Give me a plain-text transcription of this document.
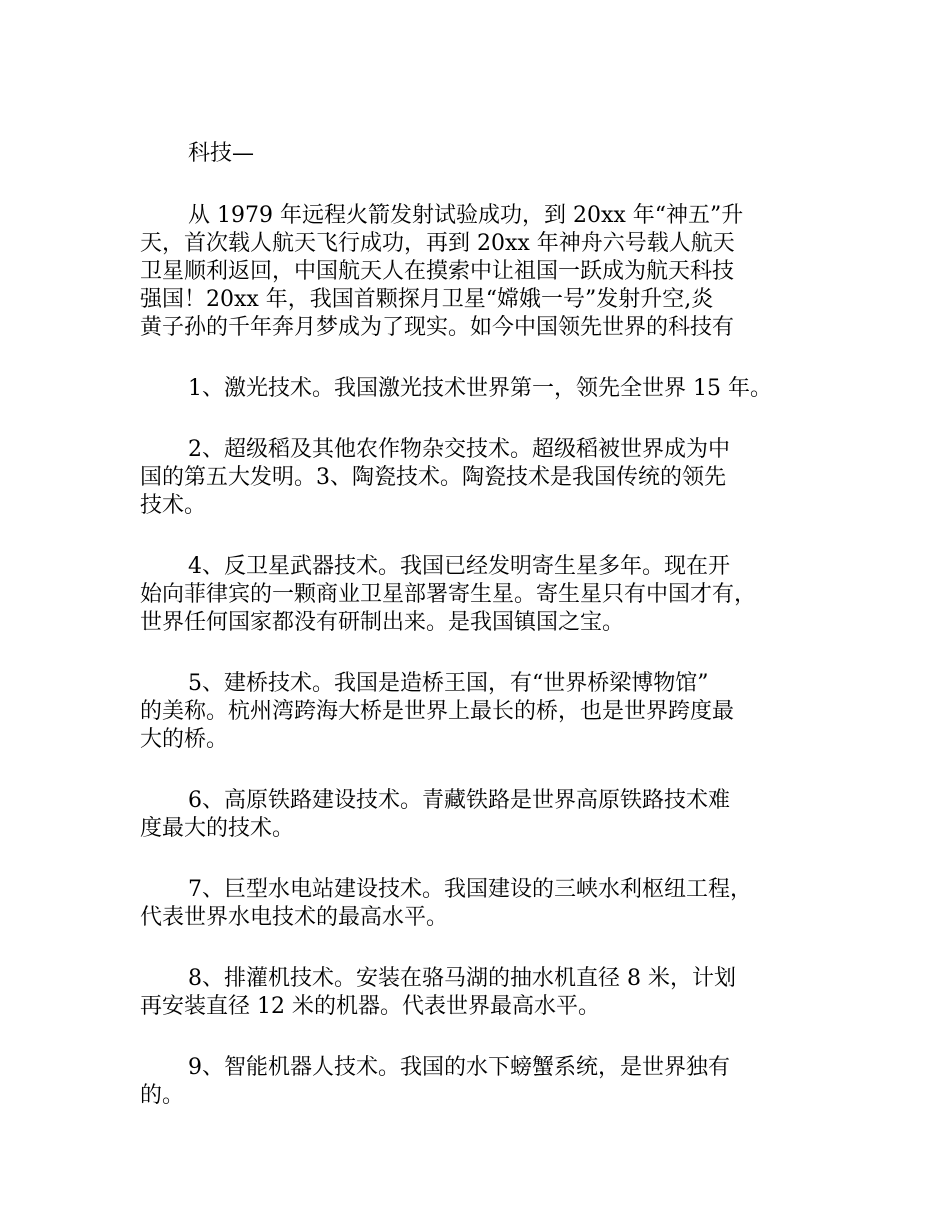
科技—

从 1979 年远程火箭发射试验成功，到 20xx 年“神五”升
天，首次载人航天飞行成功，再到 20xx 年神舟六号载人航天
卫星顺利返回，中国航天人在摸索中让祖国一跃成为航天科技
强国！20xx 年，我国首颗探月卫星“嫦娥一号”发射升空,炎
黄子孙的千年奔月梦成为了现实。如今中国领先世界的科技有

1、激光技术。我国激光技术世界第一，领先全世界 15 年。

2、超级稻及其他农作物杂交技术。超级稻被世界成为中
国的第五大发明。3、陶瓷技术。陶瓷技术是我国传统的领先
技术。

4、反卫星武器技术。我国已经发明寄生星多年。现在开
始向菲律宾的一颗商业卫星部署寄生星。寄生星只有中国才有，
世界任何国家都没有研制出来。是我国镇国之宝。

5、建桥技术。我国是造桥王国，有“世界桥梁博物馆”
的美称。杭州湾跨海大桥是世界上最长的桥，也是世界跨度最
大的桥。

6、高原铁路建设技术。青藏铁路是世界高原铁路技术难
度最大的技术。

7、巨型水电站建设技术。我国建设的三峡水利枢纽工程，
代表世界水电技术的最高水平。

8、排灌机技术。安装在骆马湖的抽水机直径 8 米，计划
再安装直径 12 米的机器。代表世界最高水平。

9、智能机器人技术。我国的水下螃蟹系统，是世界独有
的。
